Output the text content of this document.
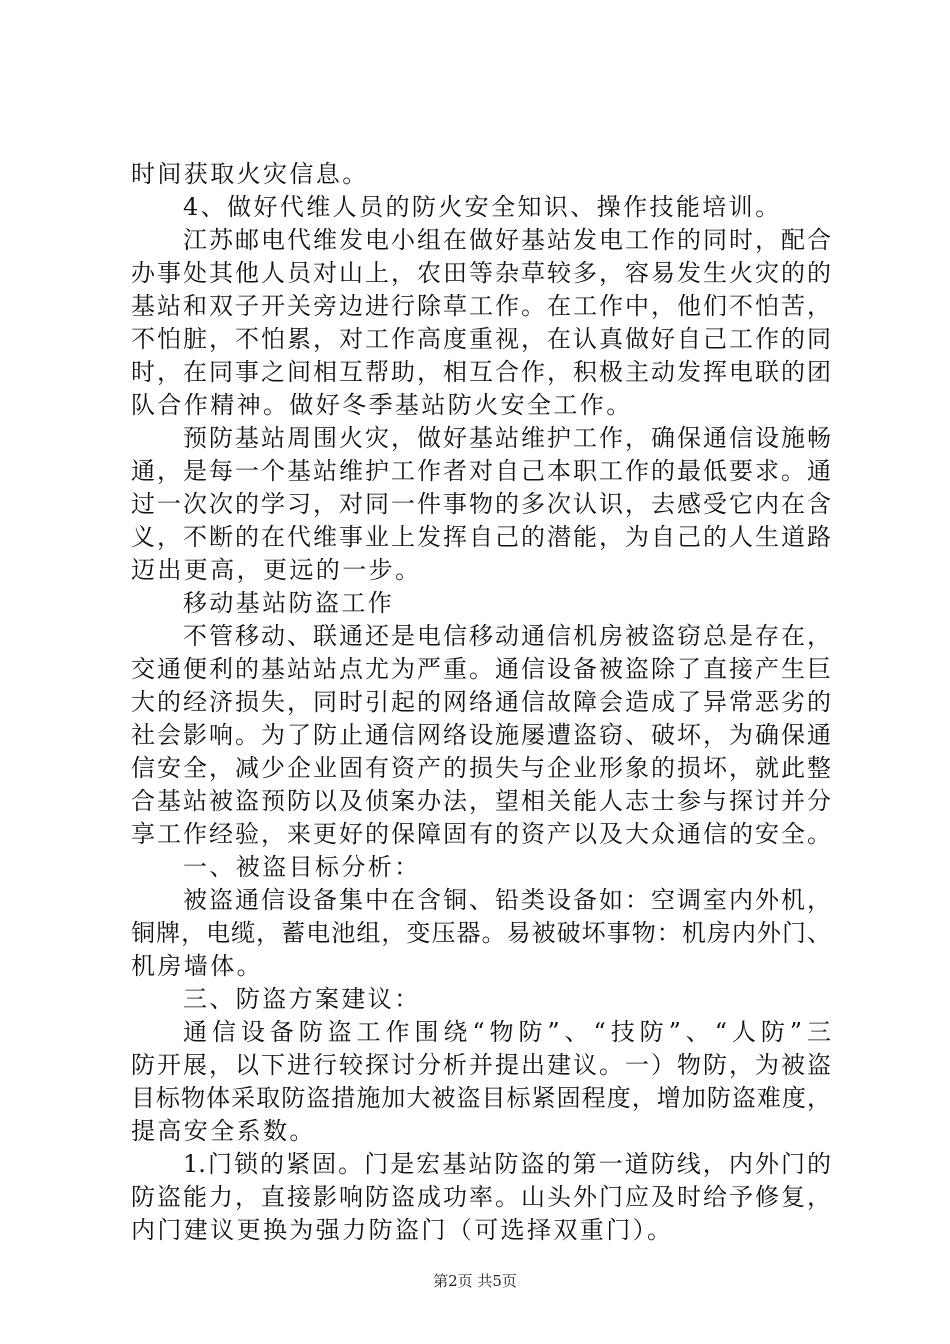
时间获取火灾信息。
4、做好代维人员的防火安全知识、操作技能培训。
江苏邮电代维发电小组在做好基站发电工作的同时，配合
办事处其他人员对山上，农田等杂草较多，容易发生火灾的的
基站和双子开关旁边进行除草工作。在工作中，他们不怕苦，
不怕脏，不怕累，对工作高度重视，在认真做好自己工作的同
时，在同事之间相互帮助，相互合作，积极主动发挥电联的团
队合作精神。做好冬季基站防火安全工作。
预防基站周围火灾，做好基站维护工作，确保通信设施畅
通，是每一个基站维护工作者对自己本职工作的最低要求。通
过一次次的学习，对同一件事物的多次认识，去感受它内在含
义，不断的在代维事业上发挥自己的潜能，为自己的人生道路
迈出更高，更远的一步。
移动基站防盗工作
不管移动、联通还是电信移动通信机房被盗窃总是存在，
交通便利的基站站点尤为严重。通信设备被盗除了直接产生巨
大的经济损失，同时引起的网络通信故障会造成了异常恶劣的
社会影响。为了防止通信网络设施屡遭盗窃、破坏，为确保通
信安全，减少企业固有资产的损失与企业形象的损坏，就此整
合基站被盗预防以及侦案办法，望相关能人志士参与探讨并分
享工作经验，来更好的保障固有的资产以及大众通信的安全。
一、被盗目标分析：
被盗通信设备集中在含铜、铅类设备如：空调室内外机，
铜牌，电缆，蓄电池组，变压器。易被破坏事物：机房内外门、
机房墙体。
三、防盗方案建议：
通信设备防盗工作围绕“物防”、“技防”、“人防”三
防开展，以下进行较探讨分析并提出建议。一）物防，为被盗
目标物体采取防盗措施加大被盗目标紧固程度，增加防盗难度，
提高安全系数。
1.门锁的紧固。门是宏基站防盗的第一道防线，内外门的
防盗能力，直接影响防盗成功率。山头外门应及时给予修复，
内门建议更换为强力防盗门（可选择双重门）。
第2页 共5页
